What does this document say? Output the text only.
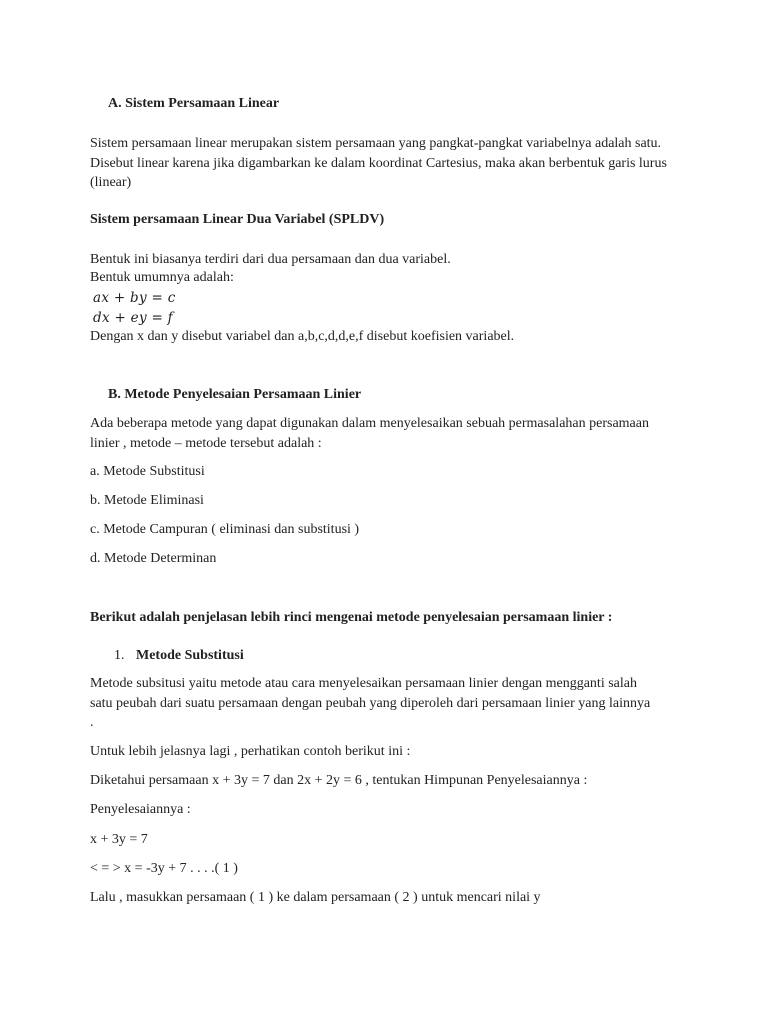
A. Sistem Persamaan Linear

Sistem persamaan linear merupakan sistem persamaan yang pangkat-pangkat variabelnya adalah satu. Disebut linear karena jika digambarkan ke dalam koordinat Cartesius, maka akan berbentuk garis lurus (linear)

Sistem persamaan Linear Dua Variabel (SPLDV)

Bentuk ini biasanya terdiri dari dua persamaan dan dua variabel.

Bentuk umumnya adalah:

ax + by = c

dx + ey = f

Dengan x dan y disebut variabel dan a,b,c,d,d,e,f disebut koefisien variabel.

B. Metode Penyelesaian Persamaan Linier

Ada beberapa metode yang dapat digunakan dalam menyelesaikan sebuah permasalahan persamaan linier , metode – metode tersebut adalah :

a. Metode Substitusi

b. Metode Eliminasi

c. Metode Campuran ( eliminasi dan substitusi )

d. Metode Determinan

Berikut adalah penjelasan lebih rinci mengenai metode penyelesaian persamaan linier :

1. Metode Substitusi

Metode subsitusi yaitu metode atau cara menyelesaikan persamaan linier dengan mengganti salah satu peubah dari suatu persamaan dengan peubah yang diperoleh dari persamaan linier yang lainnya .

Untuk lebih jelasnya lagi , perhatikan contoh berikut ini :

Diketahui persamaan x + 3y = 7 dan 2x + 2y = 6 , tentukan Himpunan Penyelesaiannya :

Penyelesaiannya :

x + 3y = 7

< = > x = -3y + 7 . . . .( 1 )

Lalu , masukkan persamaan ( 1 ) ke dalam persamaan ( 2 ) untuk mencari nilai y
